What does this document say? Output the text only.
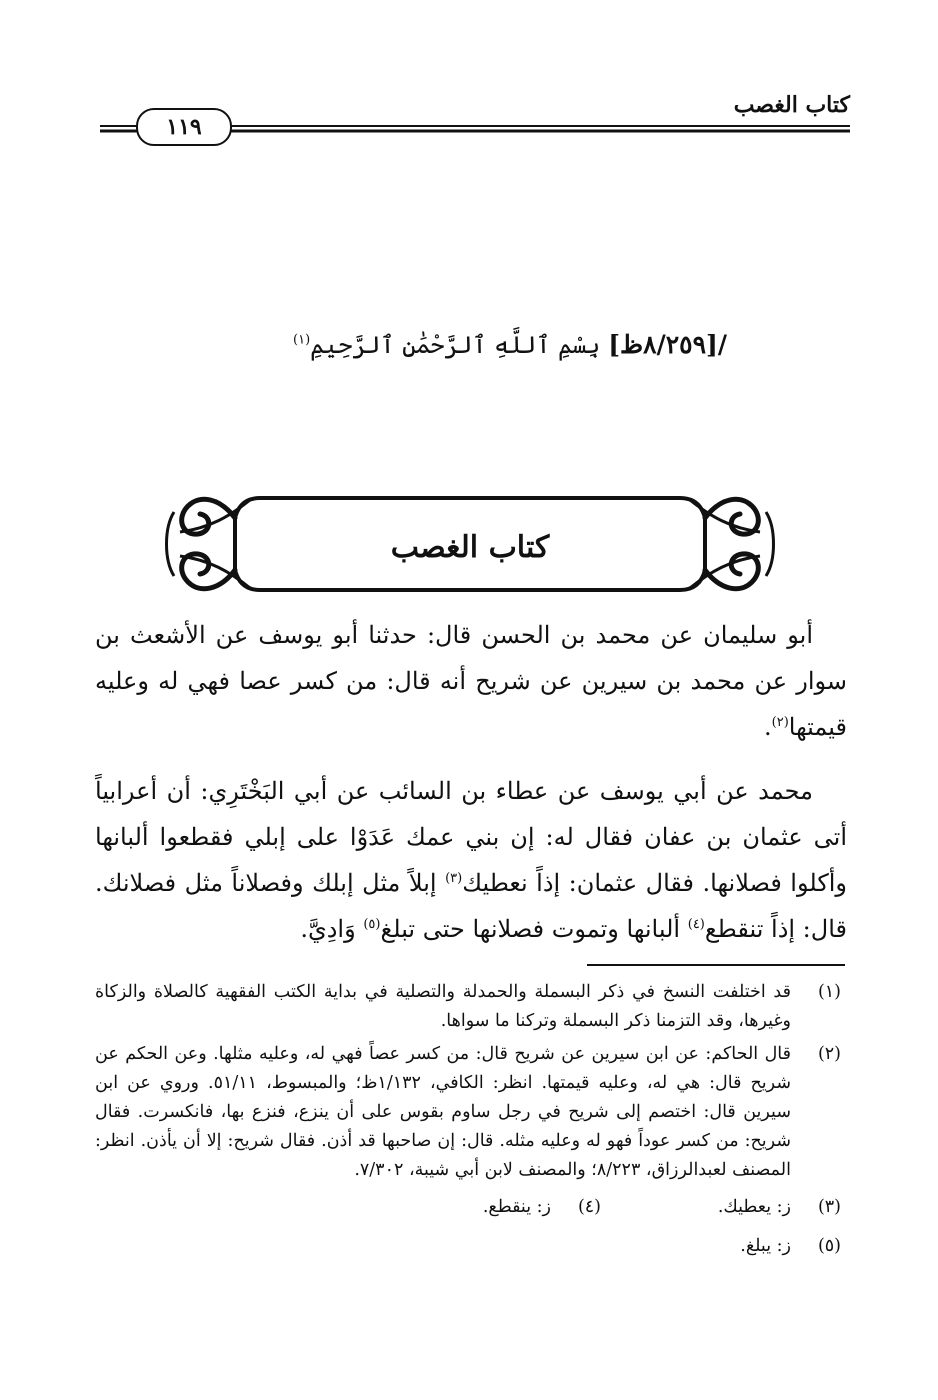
كتاب الغصب
١١٩
/[٨/٢٥٩ظ] بِسْمِ ٱللَّهِ ٱلرَّحْمَٰنِ ٱلرَّحِيمِ$^{(١)}$
كتاب الغصب

أبو سليمان عن محمد بن الحسن قال: حدثنا أبو يوسف عن الأشعث بن سوار عن محمد بن سيرين عن شريح أنه قال: من كسر عصا فهي له وعليه قيمتها$^{(٢)}$.

محمد عن أبي يوسف عن عطاء بن السائب عن أبي البَخْتَرِي: أن أعرابياً أتى عثمان بن عفان فقال له: إن بني عمك عَدَوْا على إبلي فقطعوا ألبانها وأكلوا فصلانها. فقال عثمان: إذاً نعطيك$^{(٣)}$ إبلاً مثل إبلك وفصلاناً مثل فصلانك. قال: إذاً تنقطع$^{(٤)}$ ألبانها وتموت فصلانها حتى تبلغ$^{(٥)}$ وَادِيَّ.

(١)
قد اختلفت النسخ في ذكر البسملة والحمدلة والتصلية في بداية الكتب الفقهية كالصلاة والزكاة وغيرها، وقد التزمنا ذكر البسملة وتركنا ما سواها.
(٢)
قال الحاكم: عن ابن سيرين عن شريح قال: من كسر عصاً فهي له، وعليه مثلها. وعن الحكم عن شريح قال: هي له، وعليه قيمتها. انظر: الكافي، ١/١٣٢ظ؛ والمبسوط، ٥١/١١. وروي عن ابن سيرين قال: اختصم إلى شريح في رجل ساوم بقوس على أن ينزع، فنزع بها، فانكسرت. فقال شريح: من كسر عوداً فهو له وعليه مثله. قال: إن صاحبها قد أذن. فقال شريح: إلا أن يأذن. انظر: المصنف لعبدالرزاق، ٨/٢٢٣؛ والمصنف لابن أبي شيبة، ٧/٣٠٢.
(٣)
ز: يعطيك.
(٤)
ز: ينقطع.
(٥)
ز: يبلغ.
